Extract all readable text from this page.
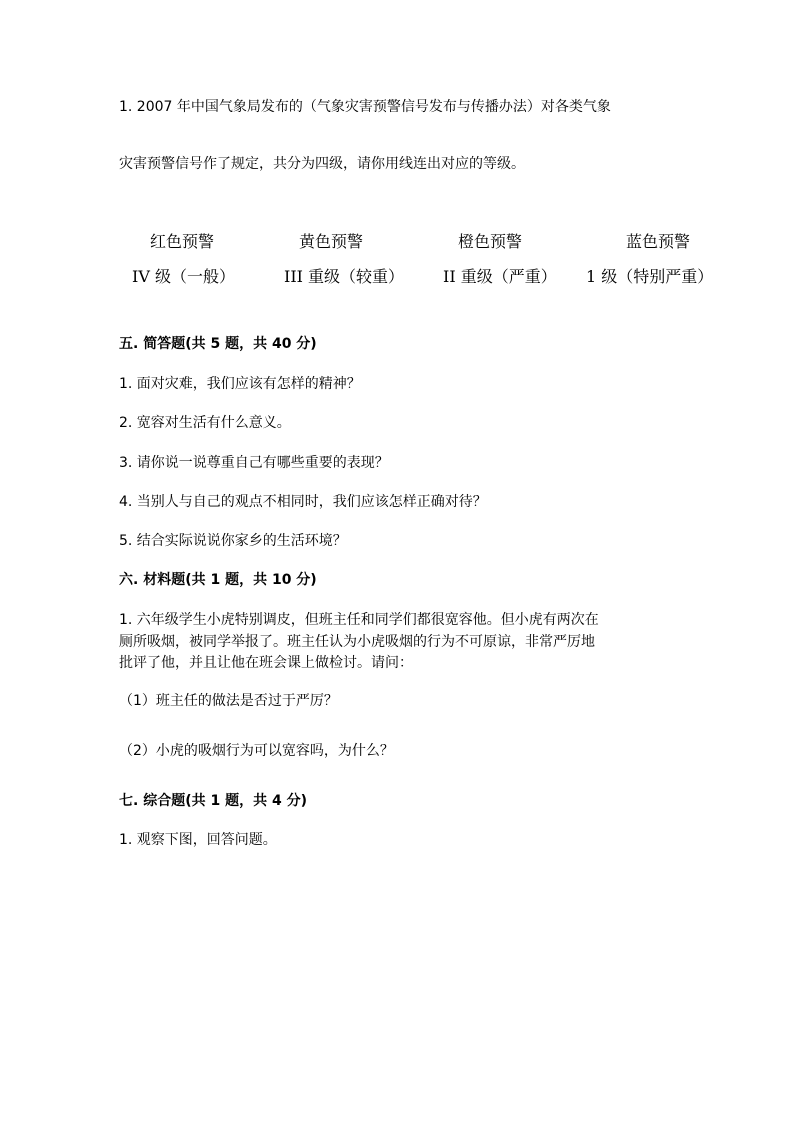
1. 2007 年中国气象局发布的（气象灾害预警信号发布与传播办法）对各类气象
灾害预警信号作了规定，共分为四级，请你用线连出对应的等级。
红色预警	黄色预警	橙色预警	蓝色预警
IV 级（一般）	III 重级（较重） II 重级（严重） 1 级（特别严重）
五. 简答题(共 5 题，共 40 分)
1. 面对灾难，我们应该有怎样的精神？
2. 宽容对生活有什么意义。
3. 请你说一说尊重自己有哪些重要的表现？
4. 当别人与自己的观点不相同时，我们应该怎样正确对待？
5. 结合实际说说你家乡的生活环境？
六. 材料题(共 1 题，共 10 分)
1. 六年级学生小虎特别调皮，但班主任和同学们都很宽容他。但小虎有两次在
厕所吸烟，被同学举报了。班主任认为小虎吸烟的行为不可原谅，非常严厉地
批评了他，并且让他在班会课上做检讨。请问：
（1）班主任的做法是否过于严厉？
（2）小虎的吸烟行为可以宽容吗，为什么？
七. 综合题(共 1 题，共 4 分)
1. 观察下图，回答问题。
